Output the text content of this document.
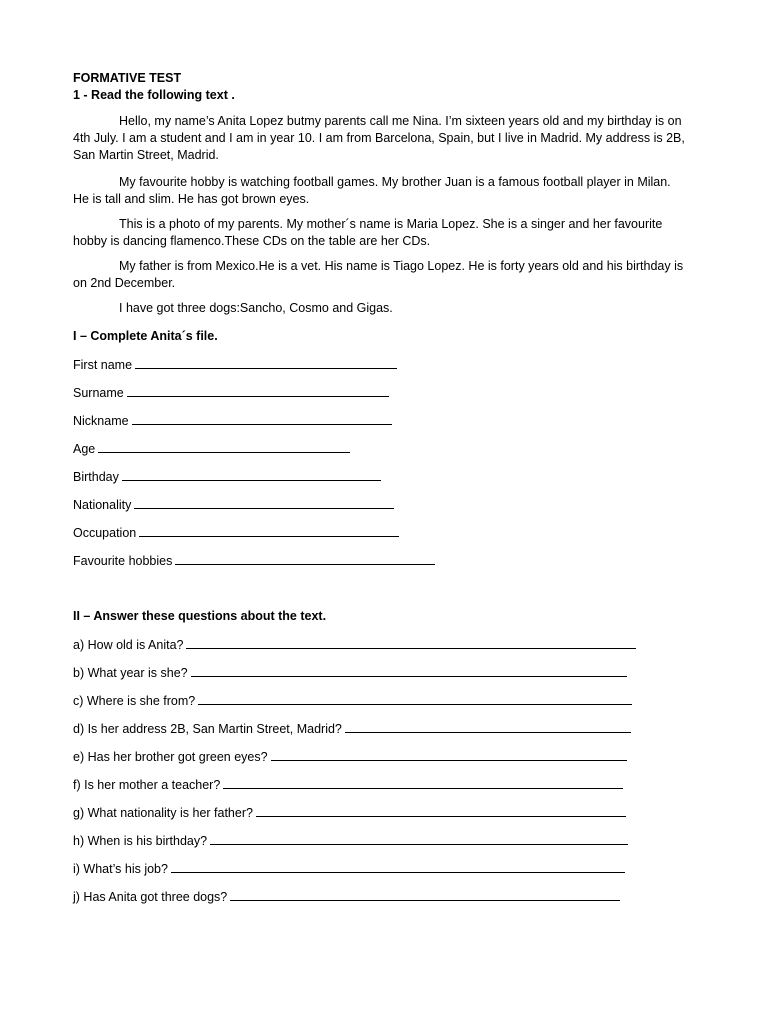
FORMATIVE TEST
1 - Read the following text .
Hello, my name’s Anita Lopez butmy parents call me Nina. I’m sixteen years old and my birthday is on 4th July. I am a student and I am in year 10. I am from Barcelona, Spain, but I live in Madrid. My address is 2B, San Martin Street, Madrid.
My favourite hobby is watching football games. My brother Juan is a famous football player in Milan. He is tall and slim. He has got brown eyes.
This is a photo of my parents. My mother´s name is Maria Lopez. She is a singer and her favourite hobby is dancing flamenco.These CDs on the table are her CDs.
My father is from Mexico.He is a vet. His name is Tiago Lopez. He is forty years old and his birthday is on 2nd December.
I have got three dogs:Sancho, Cosmo and Gigas.
I – Complete Anita´s file.
First name
Surname
Nickname
Age
Birthday
Nationality
Occupation
Favourite hobbies
II – Answer these questions about the text.
a) How old is Anita?
b) What year is she?
c) Where is she from?
d) Is her address 2B, San Martin Street, Madrid?
e) Has her brother got green eyes?
f) Is her mother a teacher?
g) What nationality is her father?
h) When is his birthday?
i) What’s his job?
j) Has Anita got three dogs?
